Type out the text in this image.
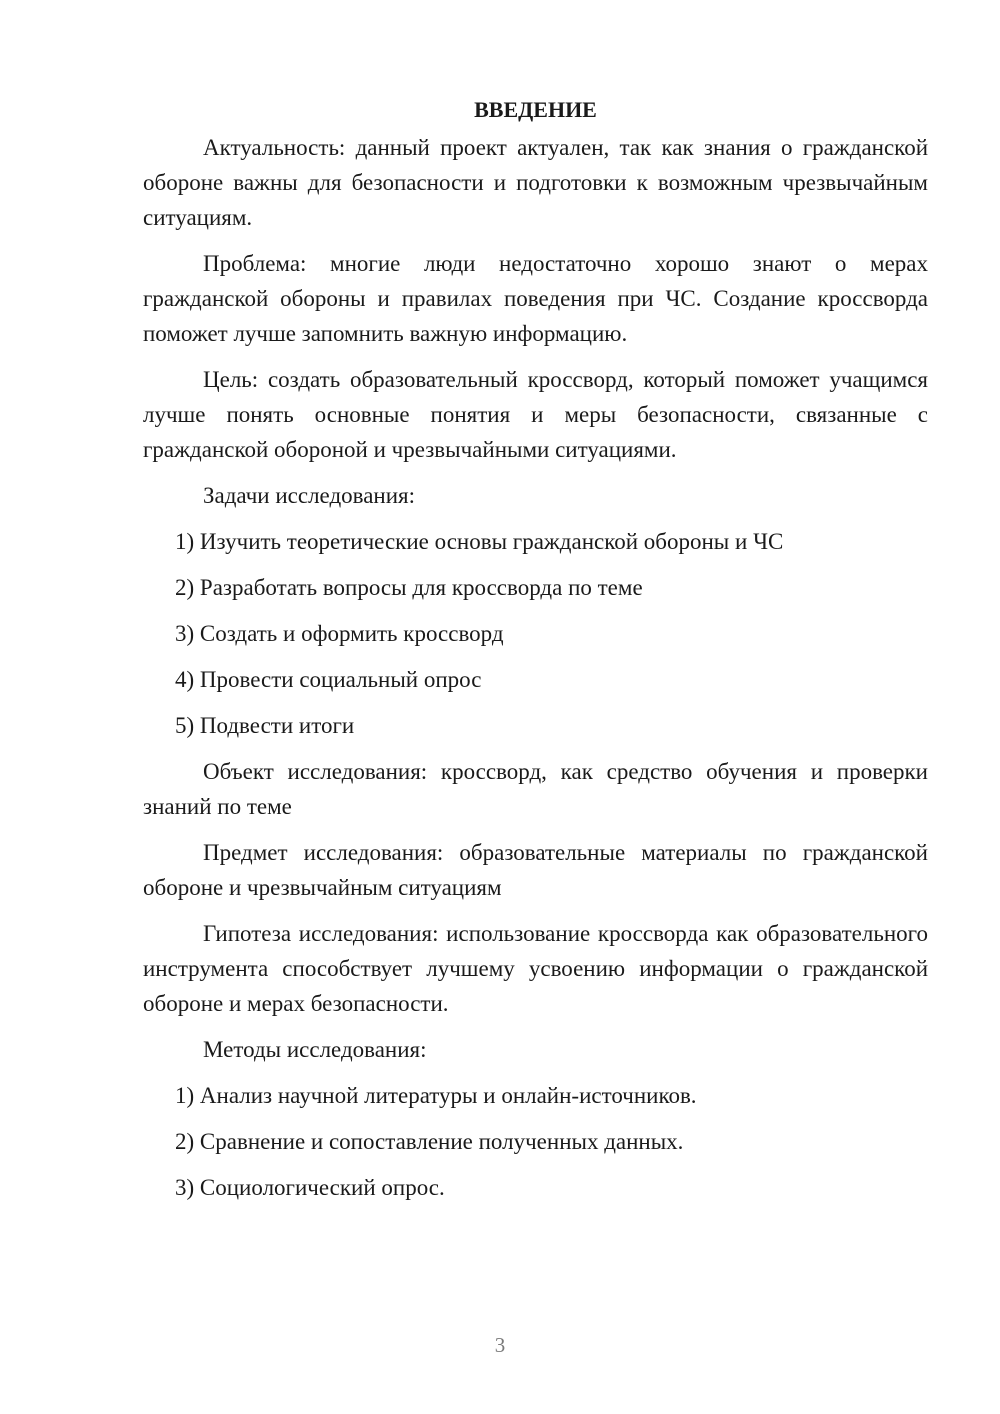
ВВЕДЕНИЕ

Актуальность: данный проект актуален, так как знания о гражданской обороне важны для безопасности и подготовки к возможным чрезвычайным ситуациям.

Проблема: многие люди недостаточно хорошо знают о мерах гражданской обороны и правилах поведения при ЧС. Создание кроссворда поможет лучше запомнить важную информацию.

Цель: создать образовательный кроссворд, который поможет учащимся лучше понять основные понятия и меры безопасности, связанные с гражданской обороной и чрезвычайными ситуациями.

Задачи исследования:
1) Изучить теоретические основы гражданской обороны и ЧС
2) Разработать вопросы для кроссворда по теме
3) Создать и оформить кроссворд
4) Провести социальный опрос
5) Подвести итоги

Объект исследования: кроссворд, как средство обучения и проверки знаний по теме

Предмет исследования: образовательные материалы по гражданской обороне и чрезвычайным ситуациям

Гипотеза исследования: использование кроссворда как образовательного инструмента способствует лучшему усвоению информации о гражданской обороне и мерах безопасности.

Методы исследования:
1) Анализ научной литературы и онлайн-источников.
2) Сравнение и сопоставление полученных данных.
3) Социологический опрос.
3
